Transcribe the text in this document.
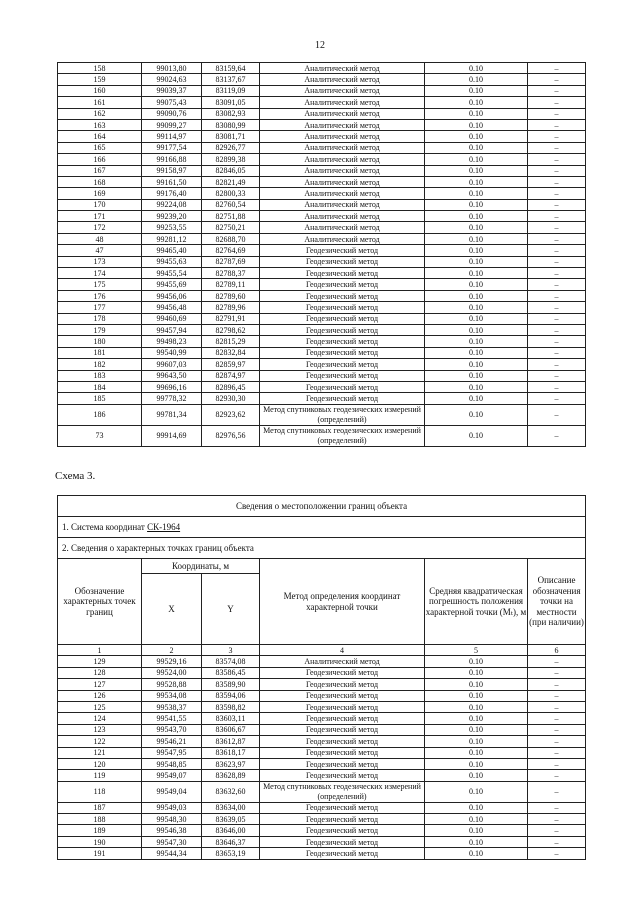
12
158	99013,80	83159,64	Аналитический метод	0.10	–
159	99024,63	83137,67	Аналитический метод	0.10	–
160	99039,37	83119,09	Аналитический метод	0.10	–
161	99075,43	83091,05	Аналитический метод	0.10	–
162	99090,76	83082,93	Аналитический метод	0.10	–
163	99099,27	83080,99	Аналитический метод	0.10	–
164	99114,97	83081,71	Аналитический метод	0.10	–
165	99177,54	82926,77	Аналитический метод	0.10	–
166	99166,88	82899,38	Аналитический метод	0.10	–
167	99158,97	82846,05	Аналитический метод	0.10	–
168	99161,50	82821,49	Аналитический метод	0.10	–
169	99176,40	82800,33	Аналитический метод	0.10	–
170	99224,08	82760,54	Аналитический метод	0.10	–
171	99239,20	82751,88	Аналитический метод	0.10	–
172	99253,55	82750,21	Аналитический метод	0.10	–
48	99281,12	82688,70	Аналитический метод	0.10	–
47	99465,40	82764,69	Геодезический метод	0.10	–
173	99455,63	82787,69	Геодезический метод	0.10	–
174	99455,54	82788,37	Геодезический метод	0.10	–
175	99455,69	82789,11	Геодезический метод	0.10	–
176	99456,06	82789,60	Геодезический метод	0.10	–
177	99456,48	82789,96	Геодезический метод	0.10	–
178	99460,69	82791,91	Геодезический метод	0.10	–
179	99457,94	82798,62	Геодезический метод	0.10	–
180	99498,23	82815,29	Геодезический метод	0.10	–
181	99540,99	82832,84	Геодезический метод	0.10	–
182	99607,03	82859,97	Геодезический метод	0.10	–
183	99643,50	82874,97	Геодезический метод	0.10	–
184	99696,16	82896,45	Геодезический метод	0.10	–
185	99778,32	82930,30	Геодезический метод	0.10	–
186	99781,34	82923,62	Метод спутниковых геодезических измерений (определений)	0.10	–
73	99914,69	82976,56	Метод спутниковых геодезических измерений (определений)	0.10	–
Схема 3.
Сведения о местоположении границ объекта					
1. Система координат СК-1964					
2. Сведения о характерных точках границ объекта					
Обозначение характерных точек границ	Координаты, м		Метод определения координат характерной точки	Средняя квадратическая погрешность положения характерной точки (Мₜ), м	Описание обозначения точки на местности (при наличии)
	X	Y			
1	2	3	4	5	6
129	99529,16	83574,08	Аналитический метод	0.10	–
128	99524,00	83586,45	Геодезический метод	0.10	–
127	99528,88	83589,90	Геодезический метод	0.10	–
126	99534,08	83594,06	Геодезический метод	0.10	–
125	99538,37	83598,82	Геодезический метод	0.10	–
124	99541,55	83603,11	Геодезический метод	0.10	–
123	99543,70	83606,67	Геодезический метод	0.10	–
122	99546,21	83612,87	Геодезический метод	0.10	–
121	99547,95	83618,17	Геодезический метод	0.10	–
120	99548,85	83623,97	Геодезический метод	0.10	–
119	99549,07	83628,89	Геодезический метод	0.10	–
118	99549,04	83632,60	Метод спутниковых геодезических измерений (определений)	0.10	–
187	99549,03	83634,00	Геодезический метод	0.10	–
188	99548,30	83639,05	Геодезический метод	0.10	–
189	99546,38	83646,00	Геодезический метод	0.10	–
190	99547,30	83646,37	Геодезический метод	0.10	–
191	99544,34	83653,19	Геодезический метод	0.10	–
